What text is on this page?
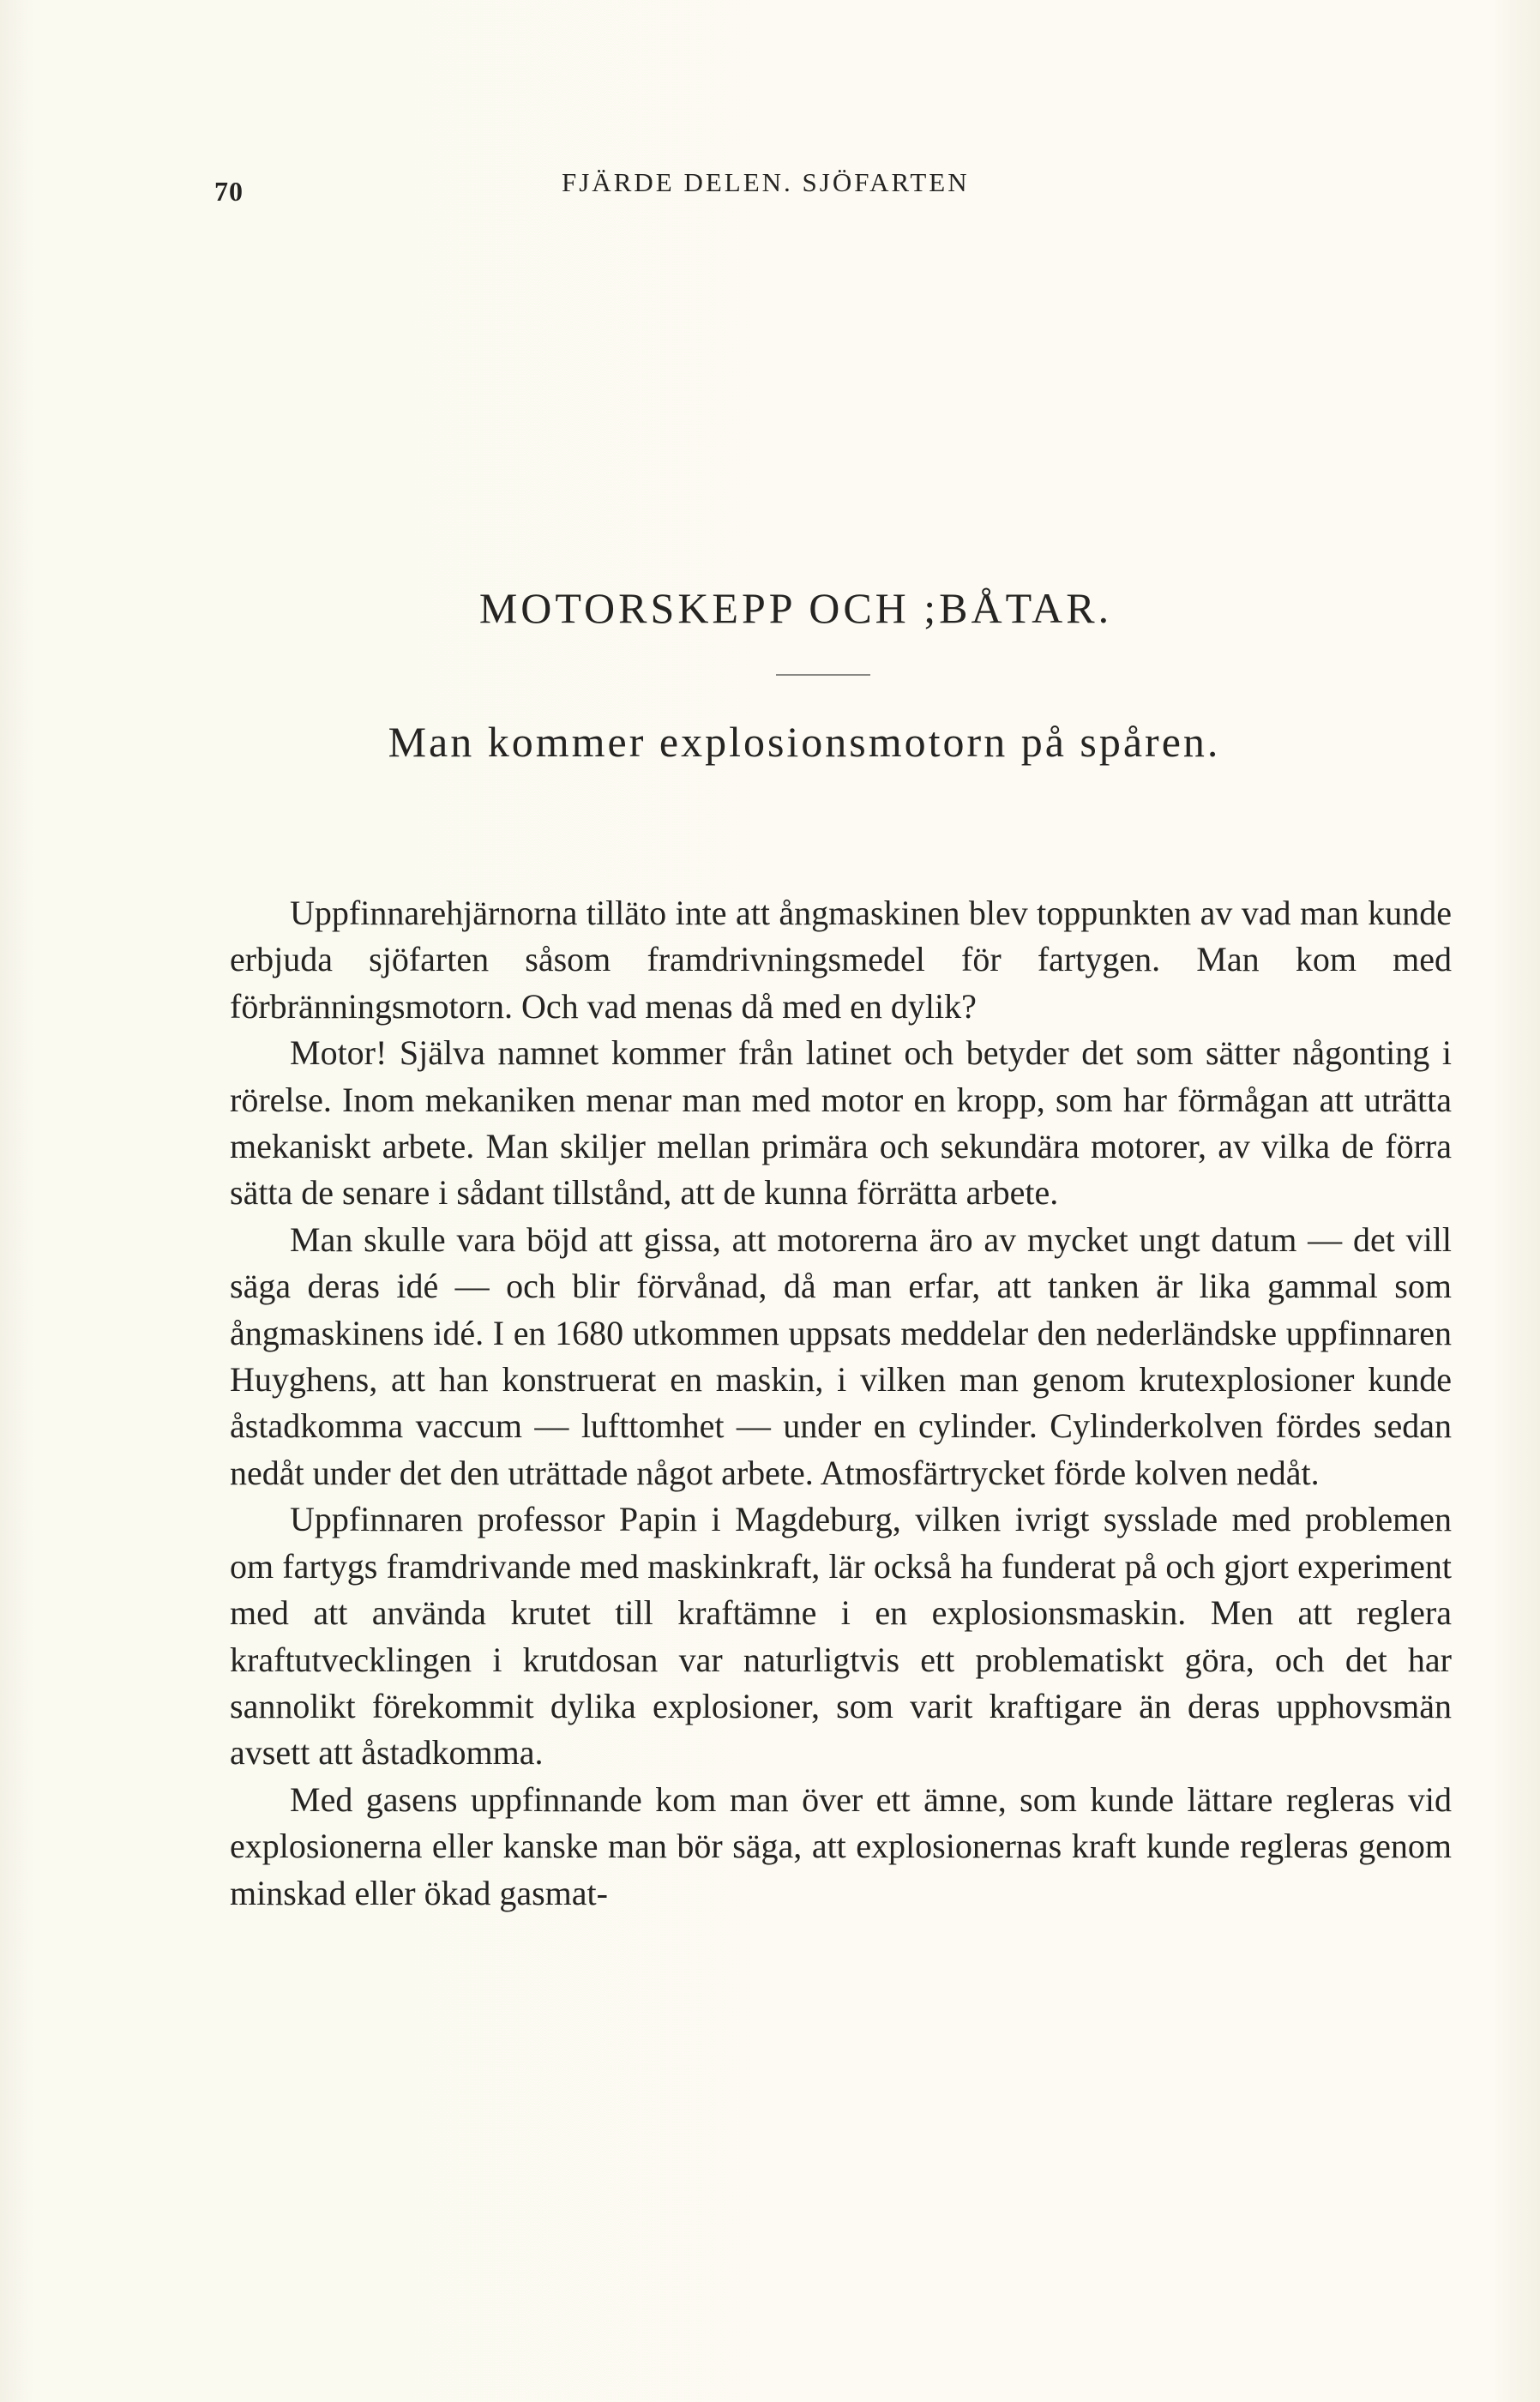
70	FJÄRDE DELEN. SJÖFARTEN
MOTORSKEPP OCH ;BÅTAR.
Man kommer explosionsmotorn på spåren.

Uppfinnarehjärnorna tilläto inte att ångmaskinen blev toppunkten av vad man kunde erbjuda sjöfarten såsom framdrivningsmedel för fartygen. Man kom med förbränningsmotorn. Och vad menas då med en dylik?

Motor! Själva namnet kommer från latinet och betyder det som sätter någonting i rörelse. Inom mekaniken menar man med motor en kropp, som har förmågan att uträtta mekaniskt arbete. Man skiljer mellan primära och sekundära motorer, av vilka de förra sätta de senare i sådant tillstånd, att de kunna förrätta arbete.

Man skulle vara böjd att gissa, att motorerna äro av mycket ungt datum — det vill säga deras idé — och blir förvånad, då man erfar, att tanken är lika gammal som ångmaskinens idé. I en 1680 utkommen uppsats meddelar den nederländske uppfinnaren Huyghens, att han konstruerat en maskin, i vilken man genom krutexplosioner kunde åstadkomma vaccum — lufttomhet — under en cylinder. Cylinderkolven fördes sedan nedåt under det den uträttade något arbete. Atmosfärtrycket förde kolven nedåt.

Uppfinnaren professor Papin i Magdeburg, vilken ivrigt sysslade med problemen om fartygs framdrivande med maskinkraft, lär också ha funderat på och gjort experiment med att använda krutet till kraftämne i en explosionsmaskin. Men att reglera kraftutvecklingen i krutdosan var naturligtvis ett problematiskt göra, och det har sannolikt förekommit dylika explosioner, som varit kraftigare än deras upphovsmän avsett att åstadkomma.

Med gasens uppfinnande kom man över ett ämne, som kunde lättare regleras vid explosionerna eller kanske man bör säga, att explosionernas kraft kunde regleras genom minskad eller ökad gasmat-
